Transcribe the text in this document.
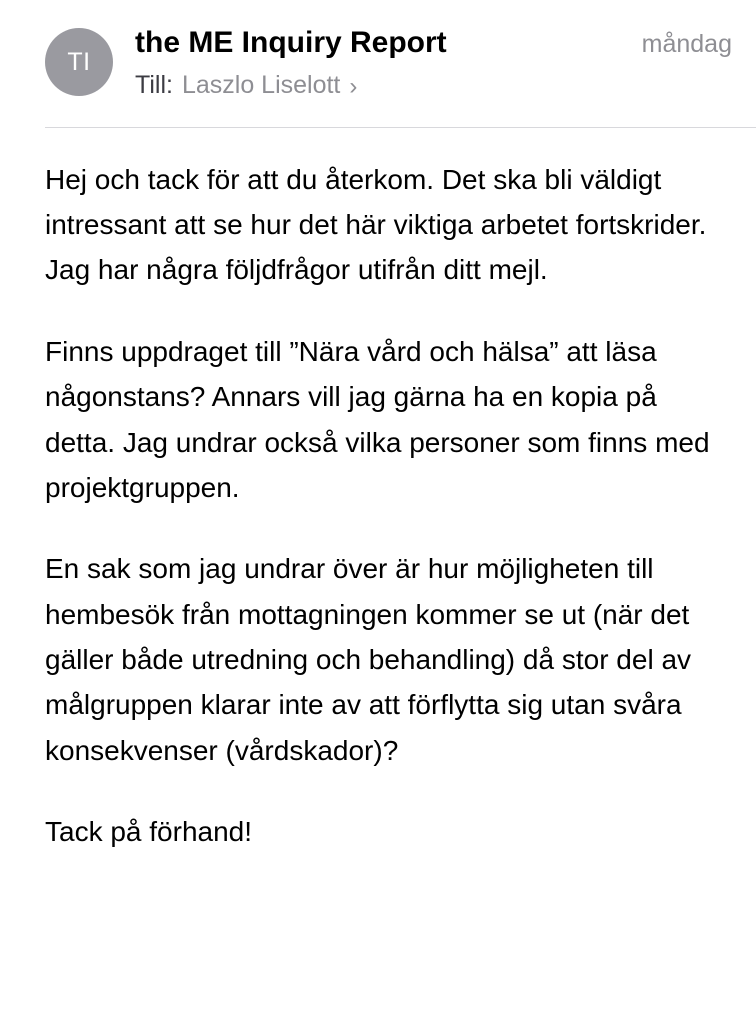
TI
the ME Inquiry Report	måndag
Till: Laszlo Liselott ›

Hej och tack för att du återkom. Det ska bli väldigt intressant att se hur det här viktiga arbetet fortskrider. Jag har några följdfrågor utifrån ditt mejl.

Finns uppdraget till ”Nära vård och hälsa” att läsa någonstans? Annars vill jag gärna ha en kopia på detta. Jag undrar också vilka personer som finns med  projektgruppen.

En sak som jag undrar över är hur möjligheten till hembesök från mottagningen kommer se ut (när det gäller både utredning och behandling) då stor del av målgruppen klarar inte av att förflytta sig utan svåra konsekvenser (vårdskador)?

Tack på förhand!
